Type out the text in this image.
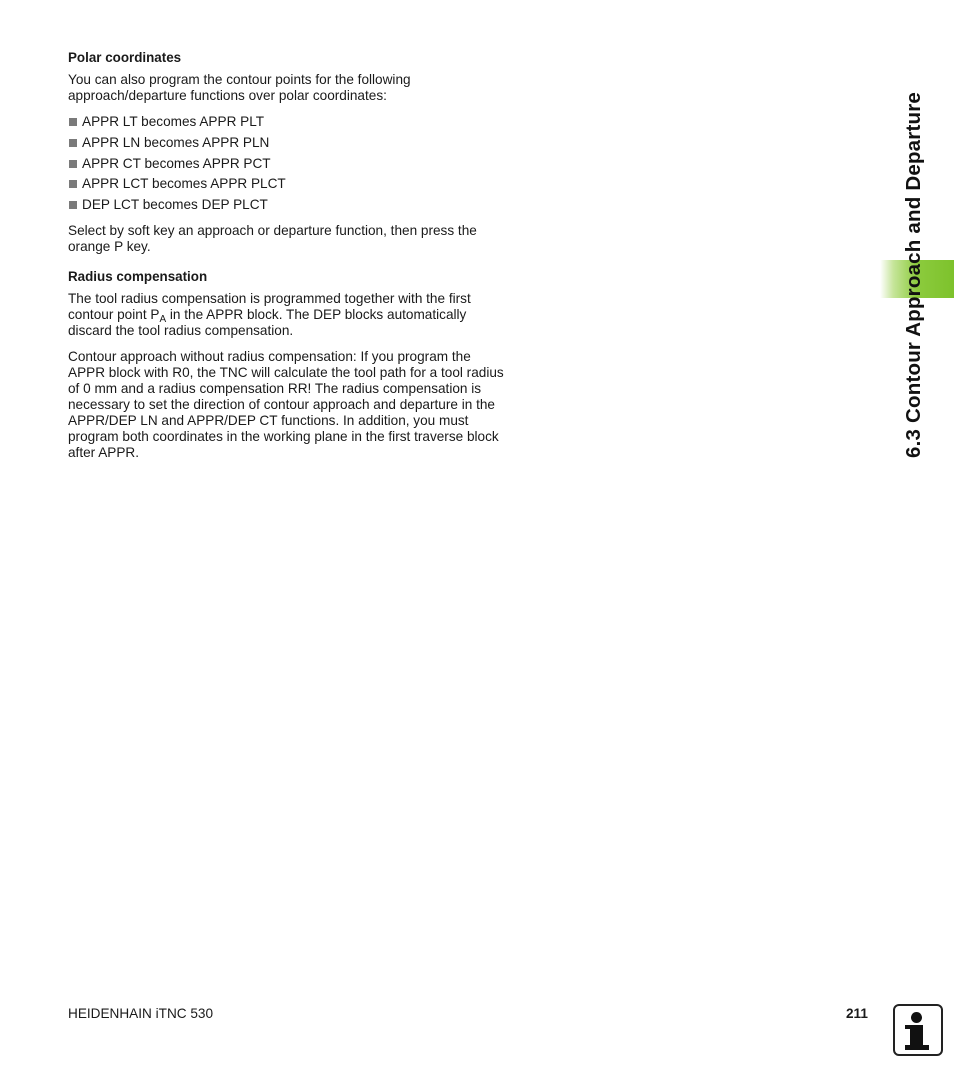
Polar coordinates

You can also program the contour points for the following approach/departure functions over polar coordinates:

APPR LT becomes APPR PLT
APPR LN becomes APPR PLN
APPR CT becomes APPR PCT
APPR LCT becomes APPR PLCT
DEP LCT becomes DEP PLCT

Select by soft key an approach or departure function, then press the orange P key.

Radius compensation

The tool radius compensation is programmed together with the first contour point $P_A$ in the APPR block. The DEP blocks automatically discard the tool radius compensation.

Contour approach without radius compensation: If you program the APPR block with R0, the TNC will calculate the tool path for a tool radius of 0 mm and a radius compensation RR! The radius compensation is necessary to set the direction of contour approach and departure in the APPR/DEP LN and APPR/DEP CT functions. In addition, you must program both coordinates in the working plane in the first traverse block after APPR.	6.3 Contour Approach and Departure
HEIDENHAIN iTNC 530	211
